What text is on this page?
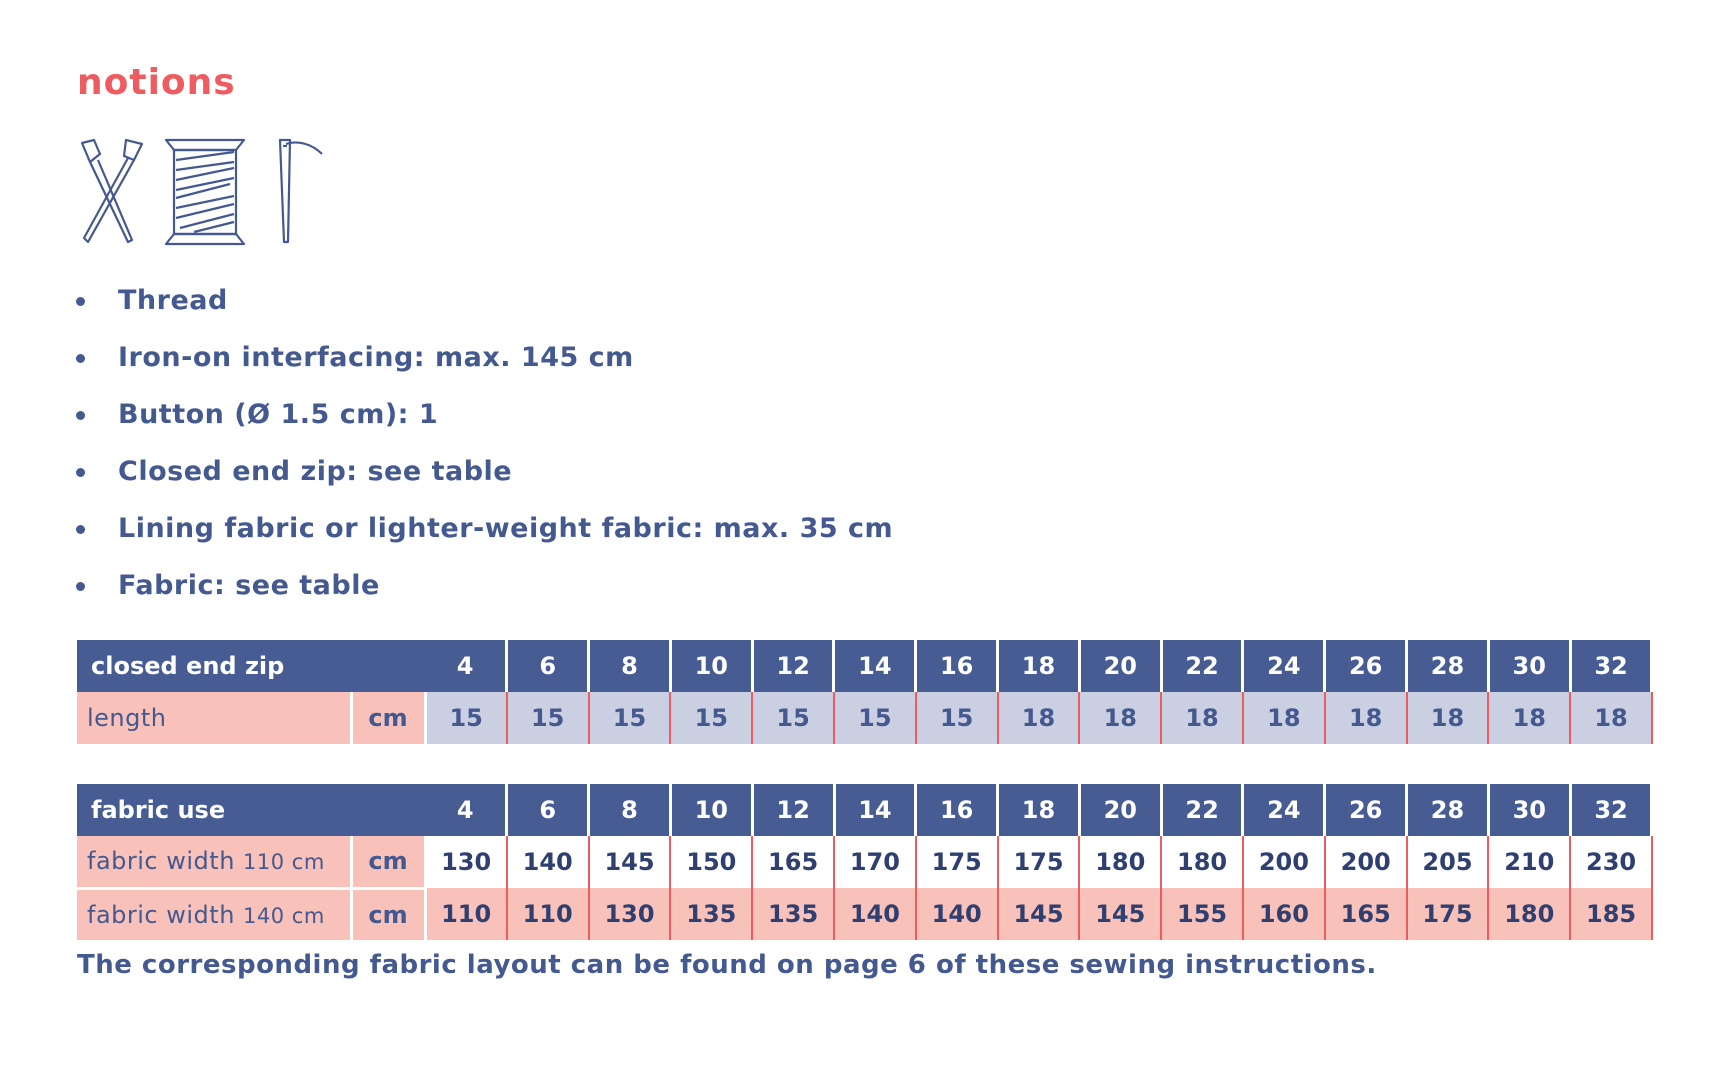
notions
Thread
Iron-on interfacing: max. 145 cm
Button (Ø 1.5 cm): 1
Closed end zip: see table
Lining fabric or lighter-weight fabric: max. 35 cm
Fabric: see table
closed end zip		4	6	8	10	12	14	16	18	20	22	24	26	28	30	32
length	cm	15	15	15	15	15	15	15	18	18	18	18	18	18	18	18
fabric use		4	6	8	10	12	14	16	18	20	22	24	26	28	30	32
fabric width 110 cm	cm	130	140	145	150	165	170	175	175	180	180	200	200	205	210	230
fabric width 140 cm	cm	110	110	130	135	135	140	140	145	145	155	160	165	175	180	185

The corresponding fabric layout can be found on page 6 of these sewing instructions.
